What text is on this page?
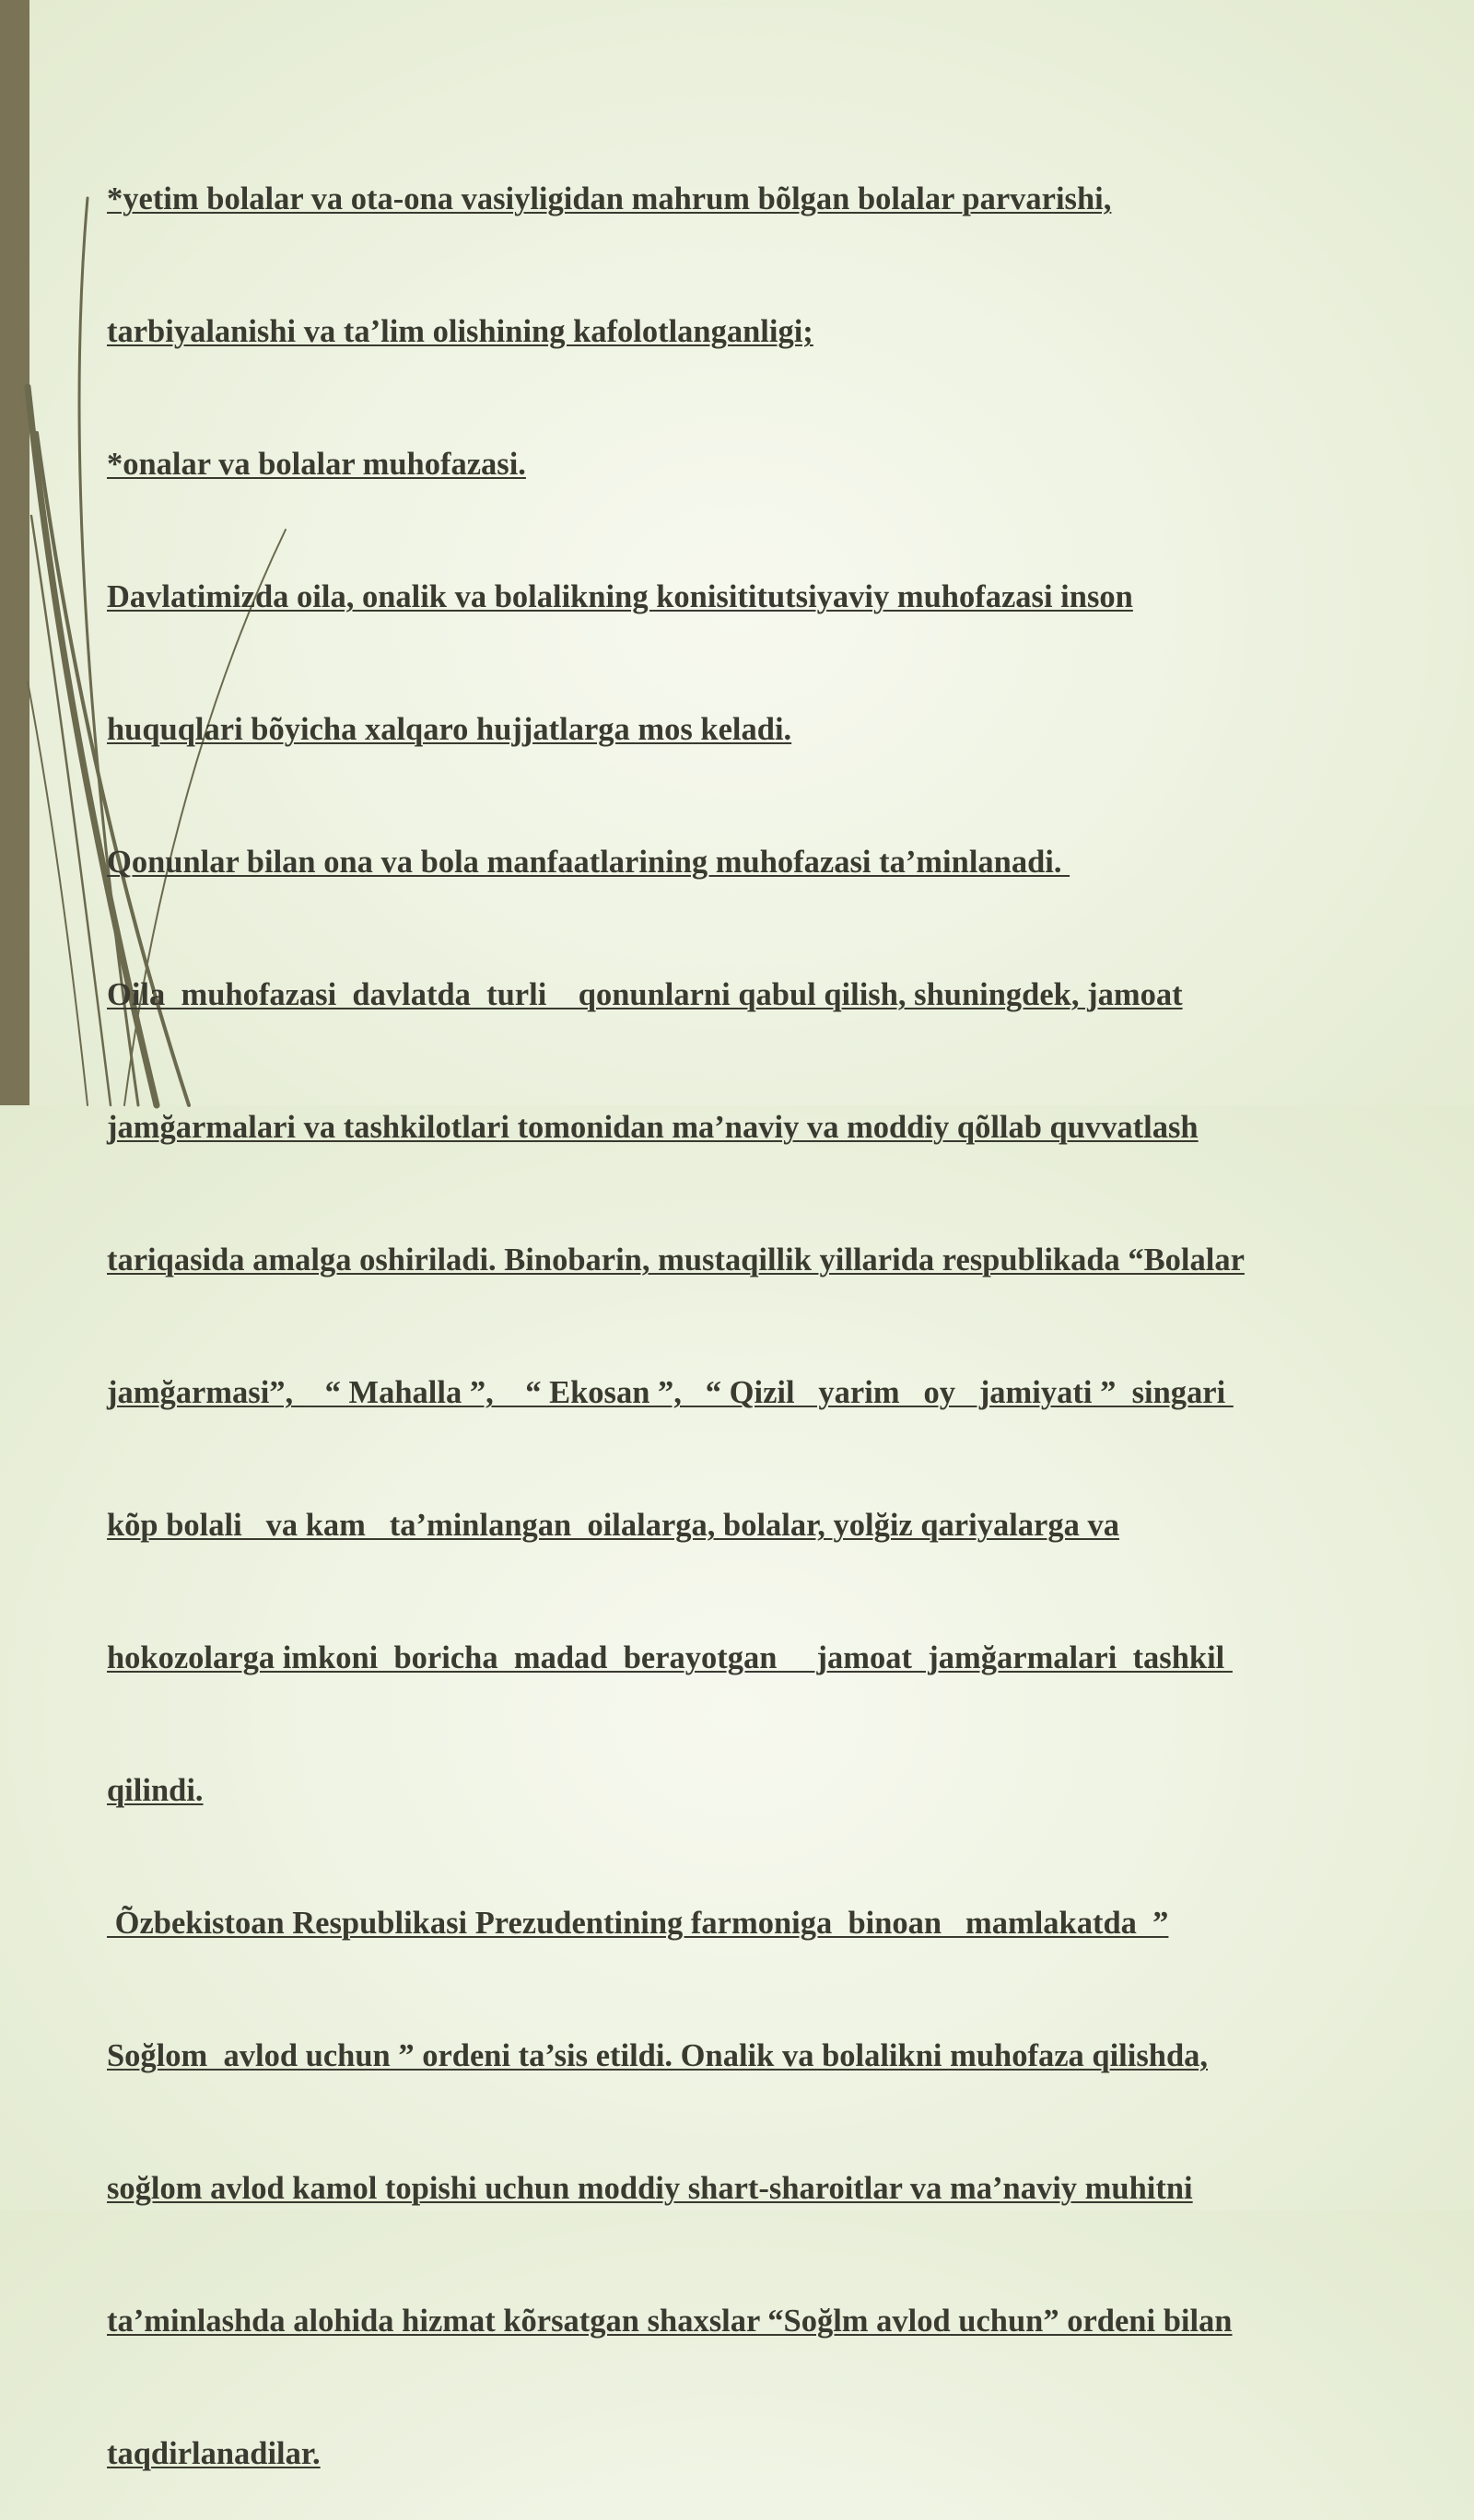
*yetim bolalar va ota-ona vasiyligidan mahrum bõlgan bolalar parvarishi,

tarbiyalanishi va ta’lim olishining kafolotlanganligi;

*onalar va bolalar muhofazasi.

Davlatimizda oila, onalik va bolalikning konisititutsiyaviy muhofazasi inson

huquqlari bõyicha xalqaro hujjatlarga mos keladi.

Qonunlar bilan ona va bola manfaatlarining muhofazasi ta’minlanadi.

Oila  muhofazasi  davlatda  turli    qonunlarni qabul qilish, shuningdek, jamoat

jamğarmalari va tashkilotlari tomonidan ma’naviy va moddiy qõllab quvvatlash

tariqasida amalga oshiriladi. Binobarin, mustaqillik yillarida respublikada “Bolalar

jamğarmasi”,    “ Mahalla ”,    “ Ekosan ”,   “ Qizil   yarim   oy   jamiyati ”  singari

kõp bolali   va kam   ta’minlangan  oilalarga, bolalar, yolğiz qariyalarga va

hokozolarga imkoni  boricha  madad  berayotgan     jamoat  jamğarmalari  tashkil

qilindi.

Õzbekistoan Respublikasi Prezudentining farmoniga  binoan   mamlakatda  ”

Soğlom  avlod uchun ” ordeni ta’sis etildi. Onalik va bolalikni muhofaza qilishda,

soğlom avlod kamol topishi uchun moddiy shart-sharoitlar va ma’naviy muhitni

ta’minlashda alohida hizmat kõrsatgan shaxslar “Soğlm avlod uchun” ordeni bilan

taqdirlanadilar.
